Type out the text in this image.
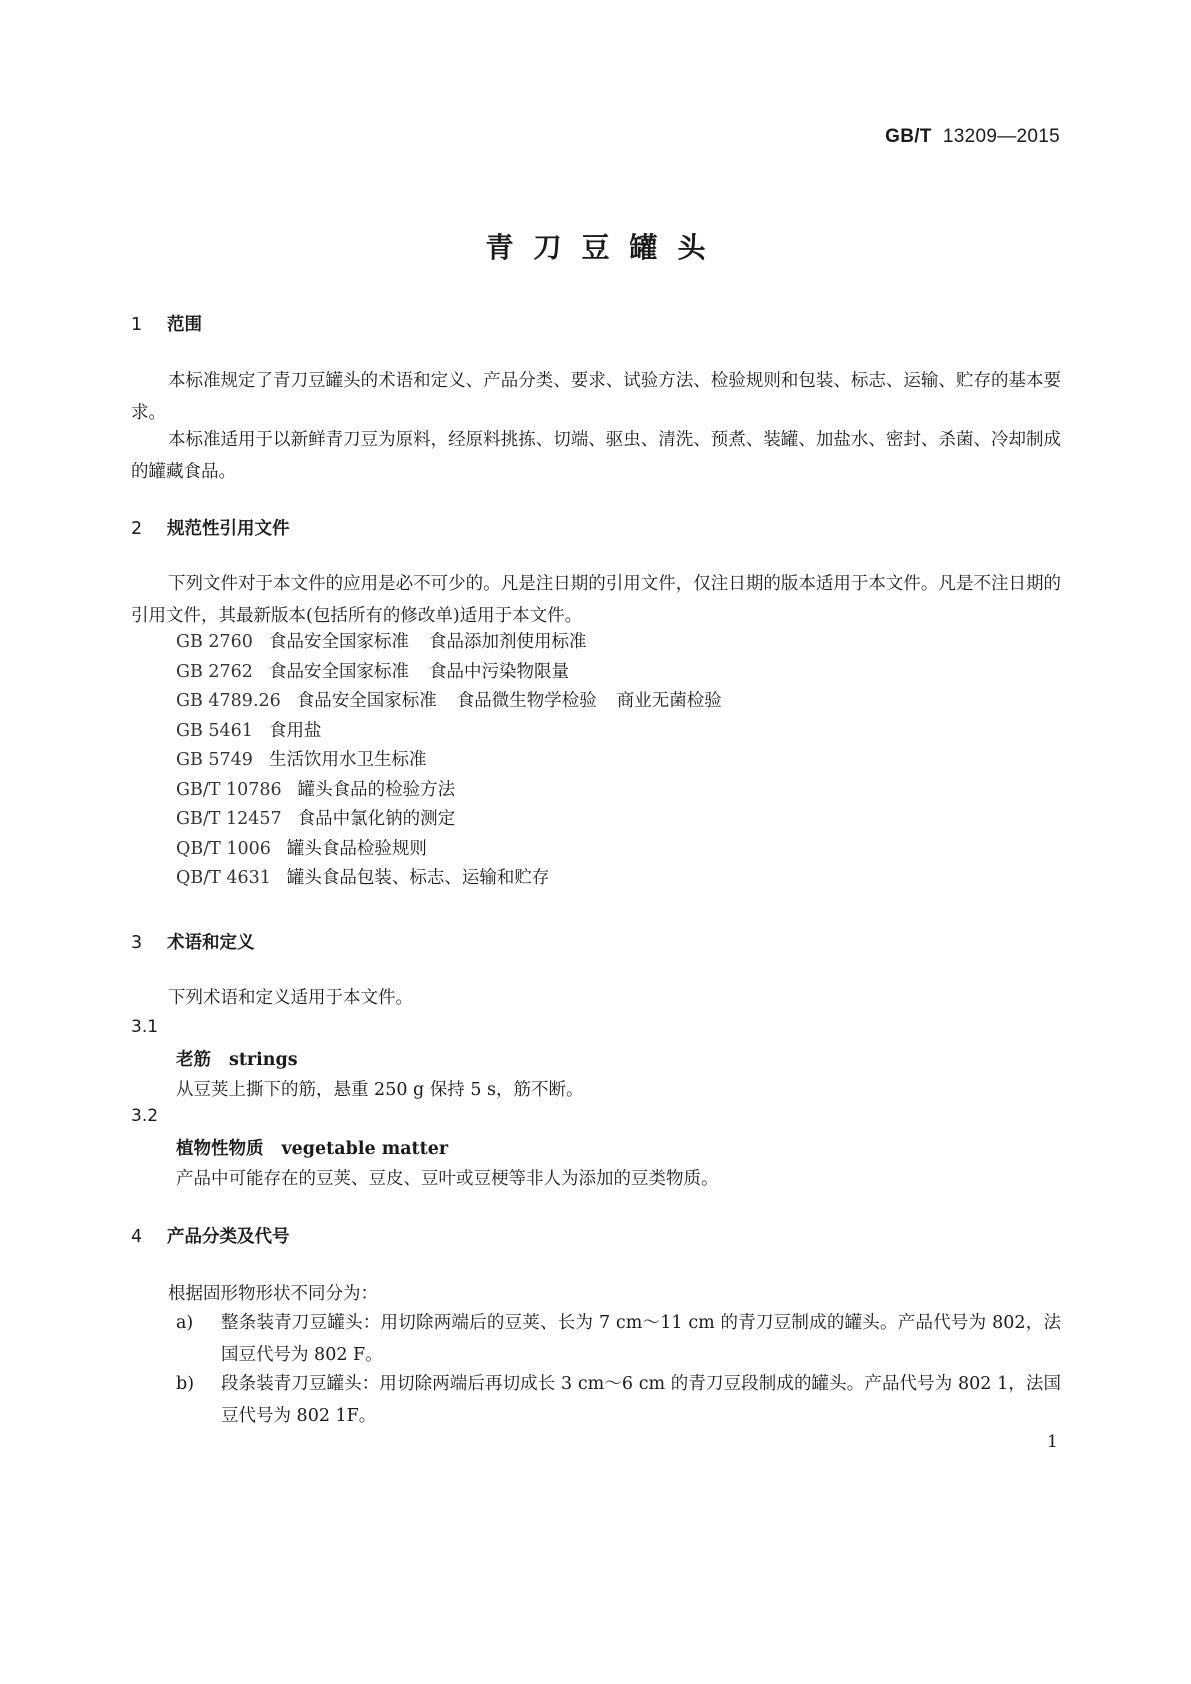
GB/T 13209—2015
青刀豆罐头
1 范围
本标准规定了青刀豆罐头的术语和定义、产品分类、要求、试验方法、检验规则和包装、标志、运输、贮存的基本要求。
本标准适用于以新鲜青刀豆为原料，经原料挑拣、切端、驱虫、清洗、预煮、装罐、加盐水、密封、杀菌、冷却制成的罐藏食品。
2 规范性引用文件
下列文件对于本文件的应用是必不可少的。凡是注日期的引用文件，仅注日期的版本适用于本文件。凡是不注日期的引用文件，其最新版本(包括所有的修改单)适用于本文件。
GB 2760 食品安全国家标准 食品添加剂使用标准
GB 2762 食品安全国家标准 食品中污染物限量
GB 4789.26 食品安全国家标准 食品微生物学检验 商业无菌检验
GB 5461 食用盐
GB 5749 生活饮用水卫生标准
GB/T 10786 罐头食品的检验方法
GB/T 12457 食品中氯化钠的测定
QB/T 1006 罐头食品检验规则
QB/T 4631 罐头食品包装、标志、运输和贮存
3 术语和定义
下列术语和定义适用于本文件。
3.1
老筋 strings
从豆荚上撕下的筋，悬重 250 g 保持 5 s，筋不断。
3.2
植物性物质 vegetable matter
产品中可能存在的豆荚、豆皮、豆叶或豆梗等非人为添加的豆类物质。
4 产品分类及代号
根据固形物形状不同分为：
a) 整条装青刀豆罐头：用切除两端后的豆荚、长为 7 cm～11 cm 的青刀豆制成的罐头。产品代号为 802，法国豆代号为 802 F。
b) 段条装青刀豆罐头：用切除两端后再切成长 3 cm～6 cm 的青刀豆段制成的罐头。产品代号为 802 1，法国豆代号为 802 1F。
1
